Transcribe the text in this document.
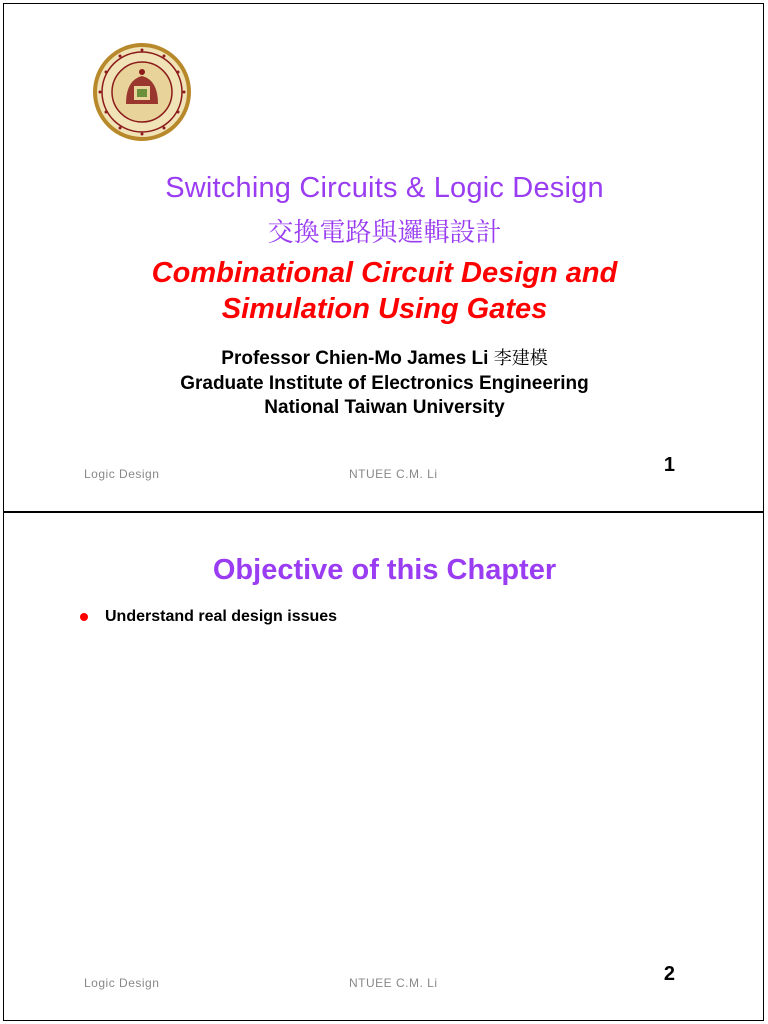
Switching Circuits & Logic Design
交換電路與邏輯設計
Combinational Circuit Design and
Simulation Using Gates
Professor Chien-Mo James Li 李建模
Graduate Institute of Electronics Engineering
National Taiwan University
Logic Design	NTUEE C.M. Li	1
Objective of this Chapter
Understand real design issues
Logic Design	NTUEE C.M. Li	2
